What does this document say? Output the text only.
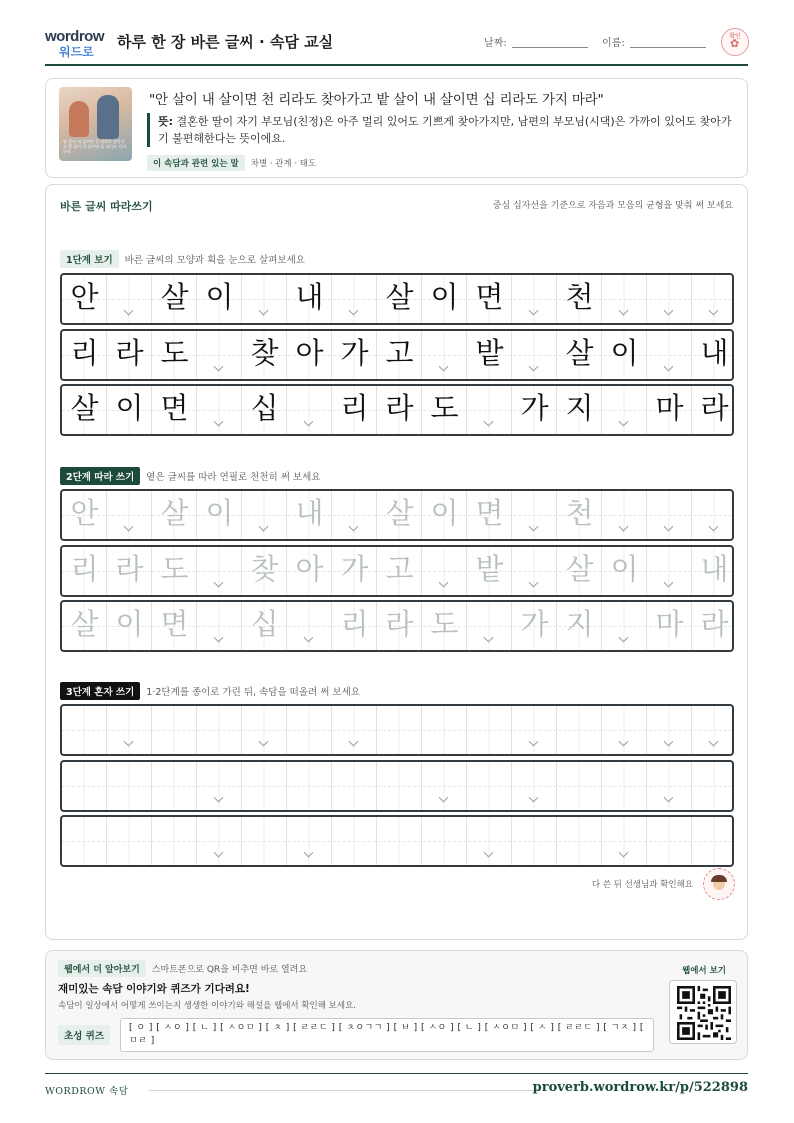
wordrow
워드로
하루 한 장 바른 글씨 · 속담 교실	날짜:	이름:
확인
✿
딸 살이 내 살이면 천 리라도 찾아가고 밭 살이 내 살이면 십 리라도 가지 마라
"안 살이 내 살이면 천 리라도 찾아가고 밭 살이 내 살이면 십 리라도 가지 마라"
뜻: 결혼한 딸이 자기 부모님(친정)은 아주 멀리 있어도 기쁘게 찾아가지만, 남편의 부모님(시댁)은 가까이 있어도 찾아가기 불편해한다는 뜻이에요.
이 속담과 관련 있는 말 차별 · 관계 · 태도
바른 글씨 따라쓰기	중심 십자선을 기준으로 자음과 모음의 균형을 맞춰 써 보세요
1단계 보기 바른 글씨의 모양과 획을 눈으로 살펴보세요
안 살 이 내 살 이 면 천
리 라 도 찾 아 가 고 밭 살 이 내
살 이 면 십 리 라 도 가 지 마 라
2단계 따라 쓰기 옅은 글씨를 따라 연필로 천천히 써 보세요
안 살 이 내 살 이 면 천
리 라 도 찾 아 가 고 밭 살 이 내
살 이 면 십 리 라 도 가 지 마 라
3단계 혼자 쓰기 1·2단계를 종이로 가린 뒤, 속담을 떠올려 써 보세요
다 쓴 뒤 선생님과 확인해요
웹에서 더 알아보기 스마트폰으로 QR을 비추면 바로 열려요
재미있는 속담 이야기와 퀴즈가 기다려요!
속담이 일상에서 어떻게 쓰이는지 생생한 이야기와 해설을 웹에서 확인해 보세요.
초성 퀴즈
[ ㅇ ] [ ㅅㅇ ] [ ㄴ ] [ ㅅㅇㅁ ] [ ㅊ ] [ ㄹㄹㄷ ] [ ㅊㅇㄱㄱ ] [ ㅂ ] [ ㅅㅇ ] [ ㄴ ] [ ㅅㅇㅁ ] [ ㅅ ] [ ㄹㄹㄷ ] [ ㄱㅈ ] [ ㅁㄹ ]
웹에서 보기
WORDROW 속담	proverb.wordrow.kr/p/522898
